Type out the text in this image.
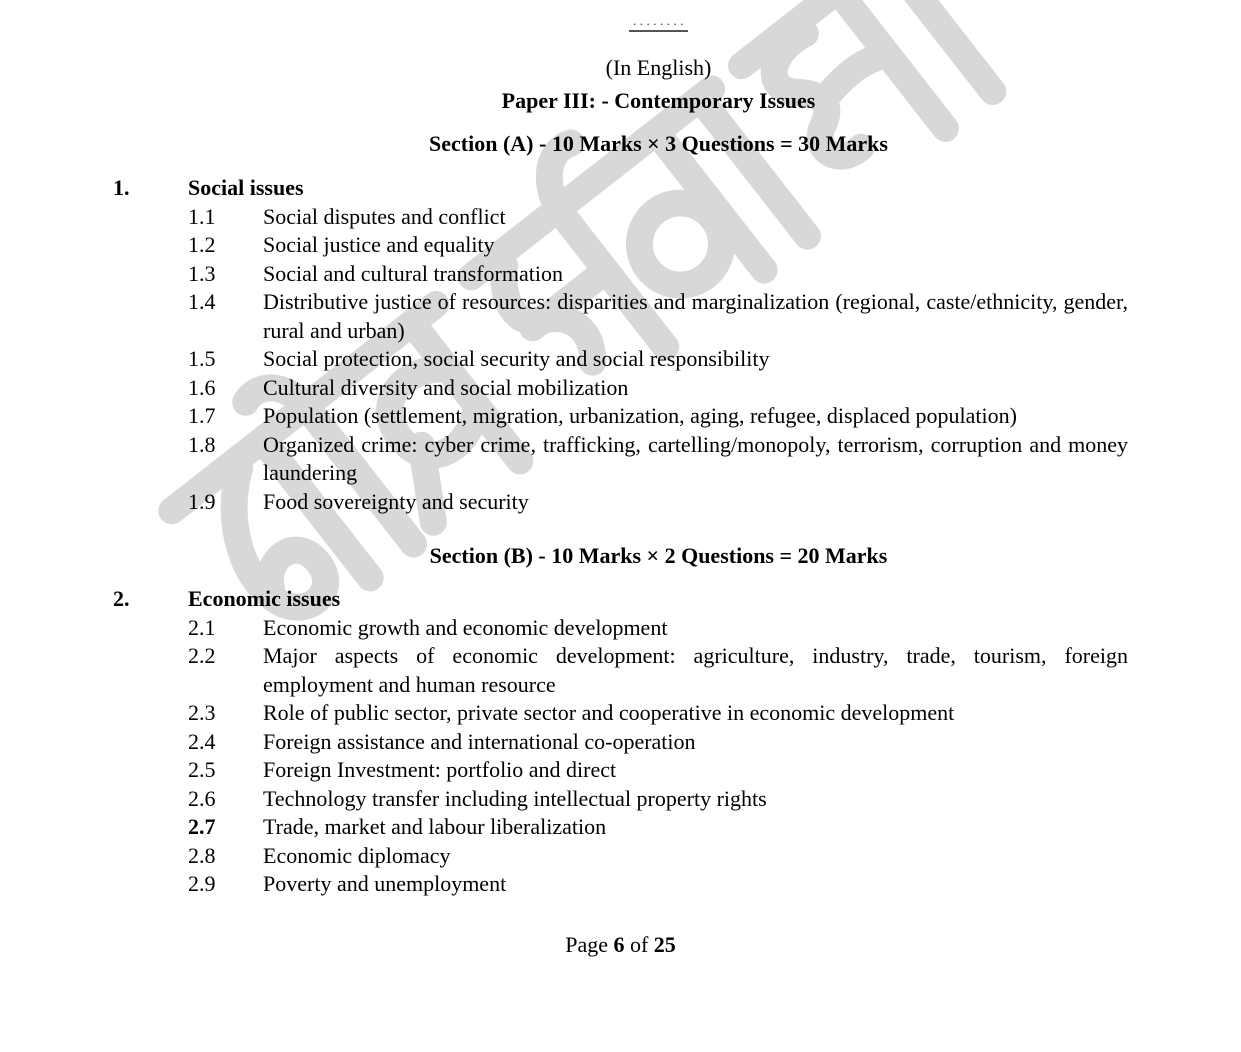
........
(In English)
Paper III: - Contemporary Issues
Section (A) - 10 Marks × 3 Questions = 30 Marks
1.	Social issues
1.1	Social disputes and conflict
1.2	Social justice and equality
1.3	Social and cultural transformation
1.4	Distributive justice of resources: disparities and marginalization (regional, caste/ethnicity, gender, rural and urban)
1.5	Social protection, social security and social responsibility
1.6	Cultural diversity and social mobilization
1.7	Population (settlement, migration, urbanization, aging, refugee, displaced population)
1.8	Organized crime: cyber crime, trafficking, cartelling/monopoly, terrorism, corruption and money laundering
1.9	Food sovereignty and security
Section (B) - 10 Marks × 2 Questions = 20 Marks
2.	Economic issues
2.1	Economic growth and economic development
2.2	Major aspects of economic development: agriculture, industry, trade, tourism, foreign employment and human resource
2.3	Role of public sector, private sector and cooperative in economic development
2.4	Foreign assistance and international co-operation
2.5	Foreign Investment: portfolio and direct
2.6	Technology transfer including intellectual property rights
2.7	Trade, market and labour liberalization
2.8	Economic diplomacy
2.9	Poverty and unemployment
Page 6 of 25
